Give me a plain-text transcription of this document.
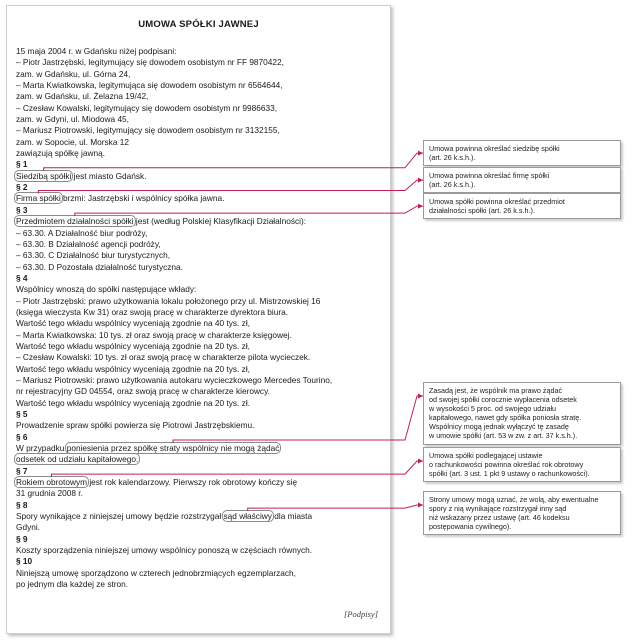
UMOWA SPÓŁKI JAWNEJ
15 maja 2004 r. w Gdańsku niżej podpisani:
– Piotr Jastrzębski, legitymujący się dowodem osobistym nr FF 9870422,
zam. w Gdańsku, ul. Górna 24,
– Marta Kwiatkowska, legitymująca się dowodem osobistym nr 6564644,
zam. w Gdańsku, ul. Żelazna 19/42,
– Czesław Kowalski, legitymujący się dowodem osobistym nr 9986633,
zam. w Gdyni, ul. Miodowa 45,
– Mariusz Piotrowski, legitymujący się dowodem osobistym nr 3132155,
zam. w Sopocie, ul. Morska 12
zawiązują spółkę jawną.
§ 1
Siedzibą spółki jest miasto Gdańsk.
§ 2
Firma spółki brzmi: Jastrzębski i wspólnicy spółka jawna.
§ 3
Przedmiotem działalności spółki jest (według Polskiej Klasyfikacji Działalności):
– 63.30. A Działalność biur podróży,
– 63.30. B Działalność agencji podróży,
– 63.30. C Działalność biur turystycznych,
– 63.30. D Pozostała działalność turystyczna.
§ 4
Wspólnicy wnoszą do spółki następujące wkłady:
– Piotr Jastrzębski: prawo użytkowania lokalu położonego przy ul. Mistrzowskiej 16
(księga wieczysta Kw 31) oraz swoją pracę w charakterze dyrektora biura.
Wartość tego wkładu wspólnicy wyceniają zgodnie na 40 tys. zł,
– Marta Kwiatkowska: 10 tys. zł oraz swoją pracę w charakterze księgowej.
Wartość tego wkładu wspólnicy wyceniają zgodnie na 20 tys. zł,
– Czesław Kowalski: 10 tys. zł oraz swoją pracę w charakterze pilota wycieczek.
Wartość tego wkładu wspólnicy wyceniają zgodnie na 20 tys. zł,
– Mariusz Piotrowski: prawo użytkowania autokaru wycieczkowego Mercedes Tourino,
nr rejestracyjny GD 04554, oraz swoją pracę w charakterze kierowcy.
Wartość tego wkładu wspólnicy wyceniają zgodnie na 20 tys. zł.
§ 5
Prowadzenie spraw spółki powierza się Piotrowi Jastrzębskiemu.
§ 6
W przypadku poniesienia przez spółkę straty wspólnicy nie mogą żądać
odsetek od udziału kapitałowego.
§ 7
Rokiem obrotowym jest rok kalendarzowy. Pierwszy rok obrotowy kończy się
31 grudnia 2008 r.
§ 8
Spory wynikające z niniejszej umowy będzie rozstrzygał sąd właściwy dla miasta
Gdyni.
§ 9
Koszty sporządzenia niniejszej umowy wspólnicy ponoszą w częściach równych.
§ 10
Niniejszą umowę sporządzono w czterech jednobrzmiących egzemplarzach,
po jednym dla każdej ze stron.
[Podpisy]
Umowa powinna określać siedzibę spółki
(art. 26 k.s.h.).
Umowa powinna określać firmę spółki
(art. 26 k.s.h.).
Umowa spółki powinna określać przedmiot
działalności spółki (art. 26 k.s.h.).
Zasadą jest, że wspólnik ma prawo żądać
od swojej spółki corocznie wypłacenia odsetek
w wysokości 5 proc. od swojego udziału
kapitałowego, nawet gdy spółka poniosła stratę.
Wspólnicy mogą jednak wyłączyć tę zasadę
w umowie spółki (art. 53 w zw. z art. 37 k.s.h.).
Umowa spółki podlegającej ustawie
o rachunkowości powinna określać rok obrotowy
spółki (art. 3 ust. 1 pkt 9 ustawy o rachunkowości).
Strony umowy mogą uznać, że wolą, aby ewentualne
spory z nią wynikające rozstrzygał inny sąd
niż wskazany przez ustawę (art. 46 kodeksu
postępowania cywilnego).
